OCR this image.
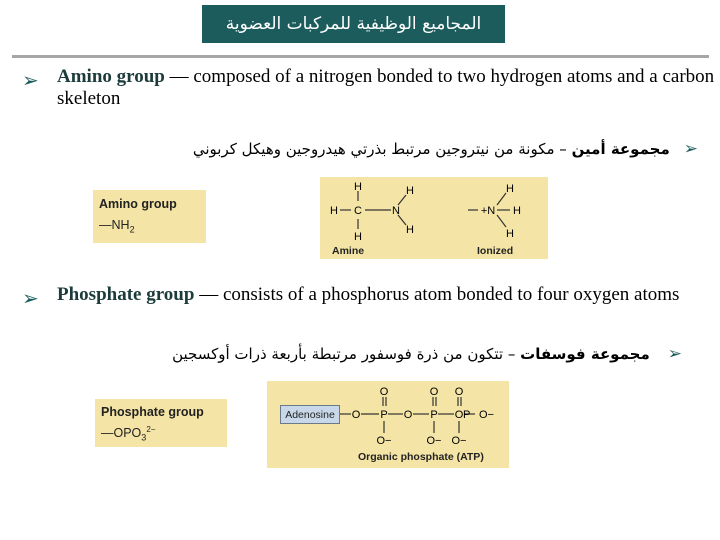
المجاميع الوظيفية للمركبات العضوية
➢ Amino group — composed of a nitrogen bonded to two hydrogen atoms and a carbon skeleton
➢مجموعة أمين – مكونة من نيتروجين مرتبط بذرتي هيدروجين وهيكل كربوني
Amino group
$—NH_2$
H
H C
H
N
H
H
+N
H
H
H
Amine	Ionized
➢ Phosphate group — consists of a phosphorus atom bonded to four oxygen atoms
➢مجموعة فوسفات – تتكون من ذرة فوسفور مرتبطة بأربعة ذرات أوكسجين
Phosphate group
$—OPO_3^{2-}$
O P
O
O−
O P
O
O−
O
O
O−
P O−
Organic phosphate (ATP)
Adenosine
